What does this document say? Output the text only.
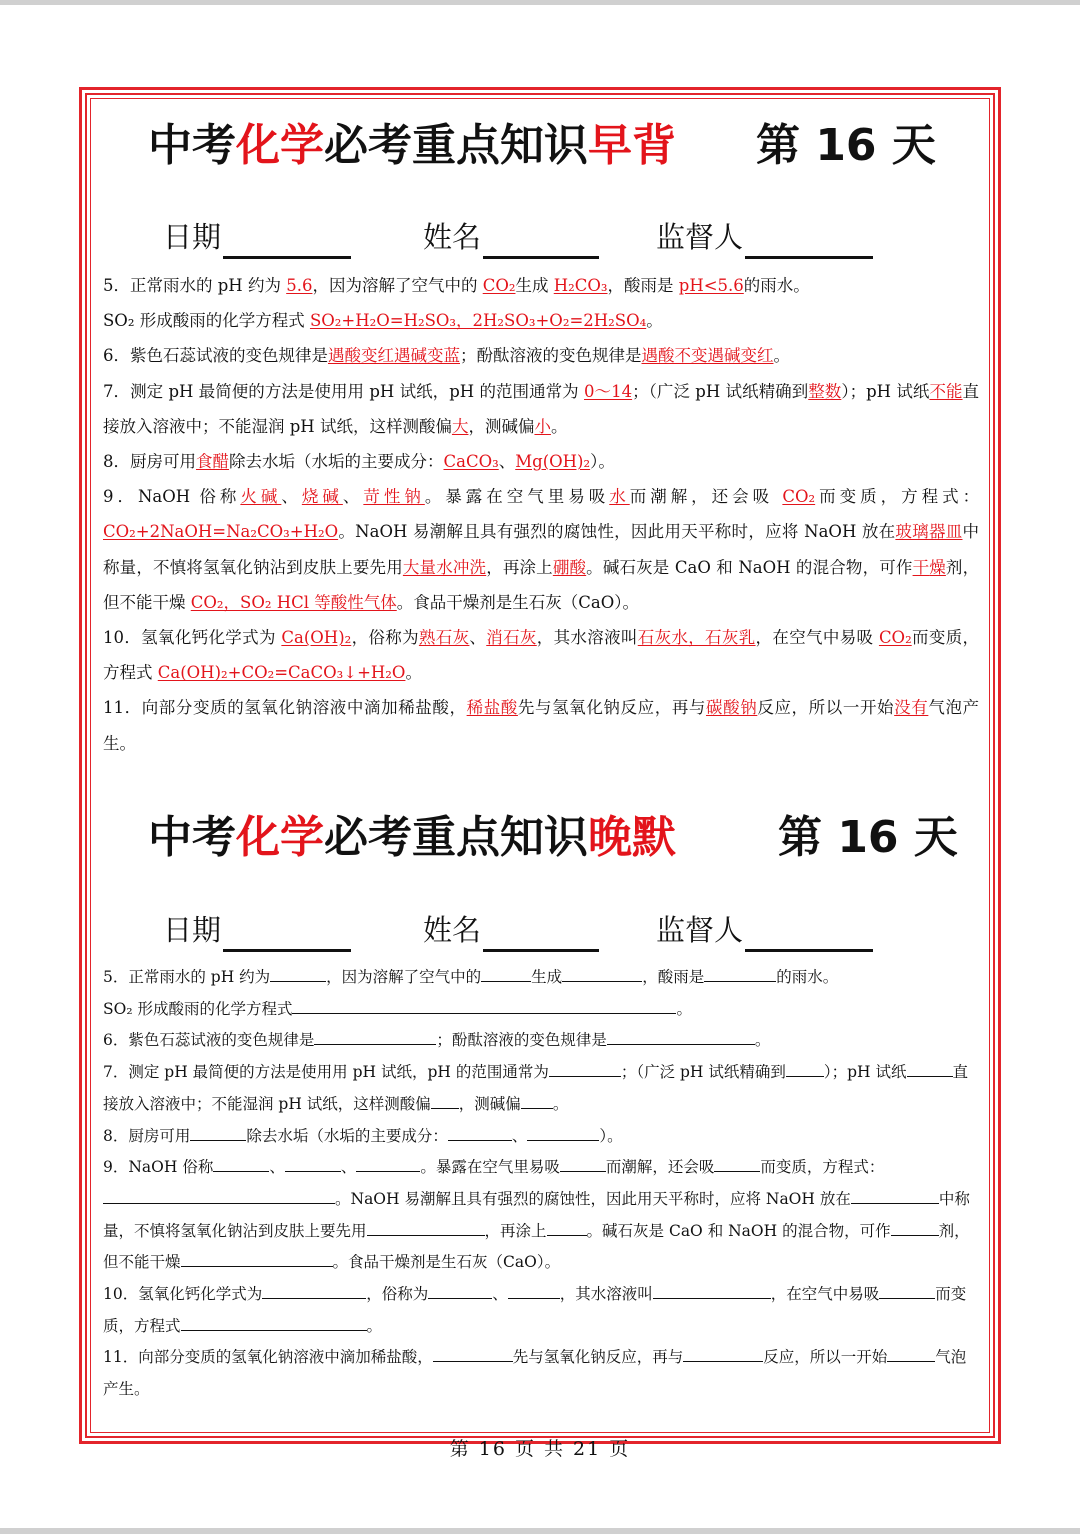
中考化学必考重点知识早背 第 16 天
日期	姓名	监督人

5．正常雨水的 pH 约为 5.6，因为溶解了空气中的 CO₂生成 H₂CO₃，酸雨是 pH<5.6的雨水。

SO₂ 形成酸雨的化学方程式 SO₂+H₂O=H₂SO₃，2H₂SO₃+O₂=2H₂SO₄。

6．紫色石蕊试液的变色规律是遇酸变红遇碱变蓝；酚酞溶液的变色规律是遇酸不变遇碱变红。

7．测定 pH 最简便的方法是使用用 pH 试纸，pH 的范围通常为 0～14；（广泛 pH 试纸精确到整数）；pH 试纸不能直接放入溶液中；不能湿润 pH 试纸，这样测酸偏大，测碱偏小。

8．厨房可用食醋除去水垢（水垢的主要成分：CaCO₃、Mg(OH)₂）。

9．NaOH 俗称火碱、烧碱、苛性钠。暴露在空气里易吸水而潮解，还会吸 CO₂而变质，方程式： CO₂+2NaOH=Na₂CO₃+H₂O。NaOH 易潮解且具有强烈的腐蚀性，因此用天平称时，应将 NaOH 放在玻璃器皿中称量，不慎将氢氧化钠沾到皮肤上要先用大量水冲洗，再涂上硼酸。碱石灰是 CaO 和 NaOH 的混合物，可作干燥剂，但不能干燥 CO₂，SO₂ HCl 等酸性气体。食品干燥剂是生石灰（CaO）。

10．氢氧化钙化学式为 Ca(OH)₂，俗称为熟石灰、消石灰，其水溶液叫石灰水，石灰乳，在空气中易吸 CO₂而变质，方程式 Ca(OH)₂+CO₂=CaCO₃↓+H₂O。

11．向部分变质的氢氧化钠溶液中滴加稀盐酸，稀盐酸先与氢氧化钠反应，再与碳酸钠反应，所以一开始没有气泡产生。

中考化学必考重点知识晚默 第 16 天
日期	姓名	监督人

5．正常雨水的 pH 约为	，因为溶解了空气中的	生成	，酸雨是	的雨水。

SO₂ 形成酸雨的化学方程式	。

6．紫色石蕊试液的变色规律是	；酚酞溶液的变色规律是	。

7．测定 pH 最简便的方法是使用用 pH 试纸，pH 的范围通常为	；（广泛 pH 试纸精确到 ）；pH 试纸	直接放入溶液中；不能湿润 pH 试纸，这样测酸偏 ，测碱偏 。

8．厨房可用	除去水垢（水垢的主要成分：	、	）。

9．NaOH 俗称	、	、	。暴露在空气里易吸	而潮解，还会吸	而变质，方程式：
。NaOH 易潮解且具有强烈的腐蚀性，因此用天平称时，应将 NaOH 放在	中称量，不慎将氢氧化钠沾到皮肤上要先用	，再涂上	。碱石灰是 CaO 和 NaOH 的混合物，可作	剂，但不能干燥	。食品干燥剂是生石灰（CaO）。

10．氢氧化钙化学式为	，俗称为	、	，其水溶液叫	，在空气中易吸	而变质，方程式	。

11．向部分变质的氢氧化钠溶液中滴加稀盐酸，	先与氢氧化钠反应，再与	反应，所以一开始	气泡产生。

第 16 页 共 21 页
